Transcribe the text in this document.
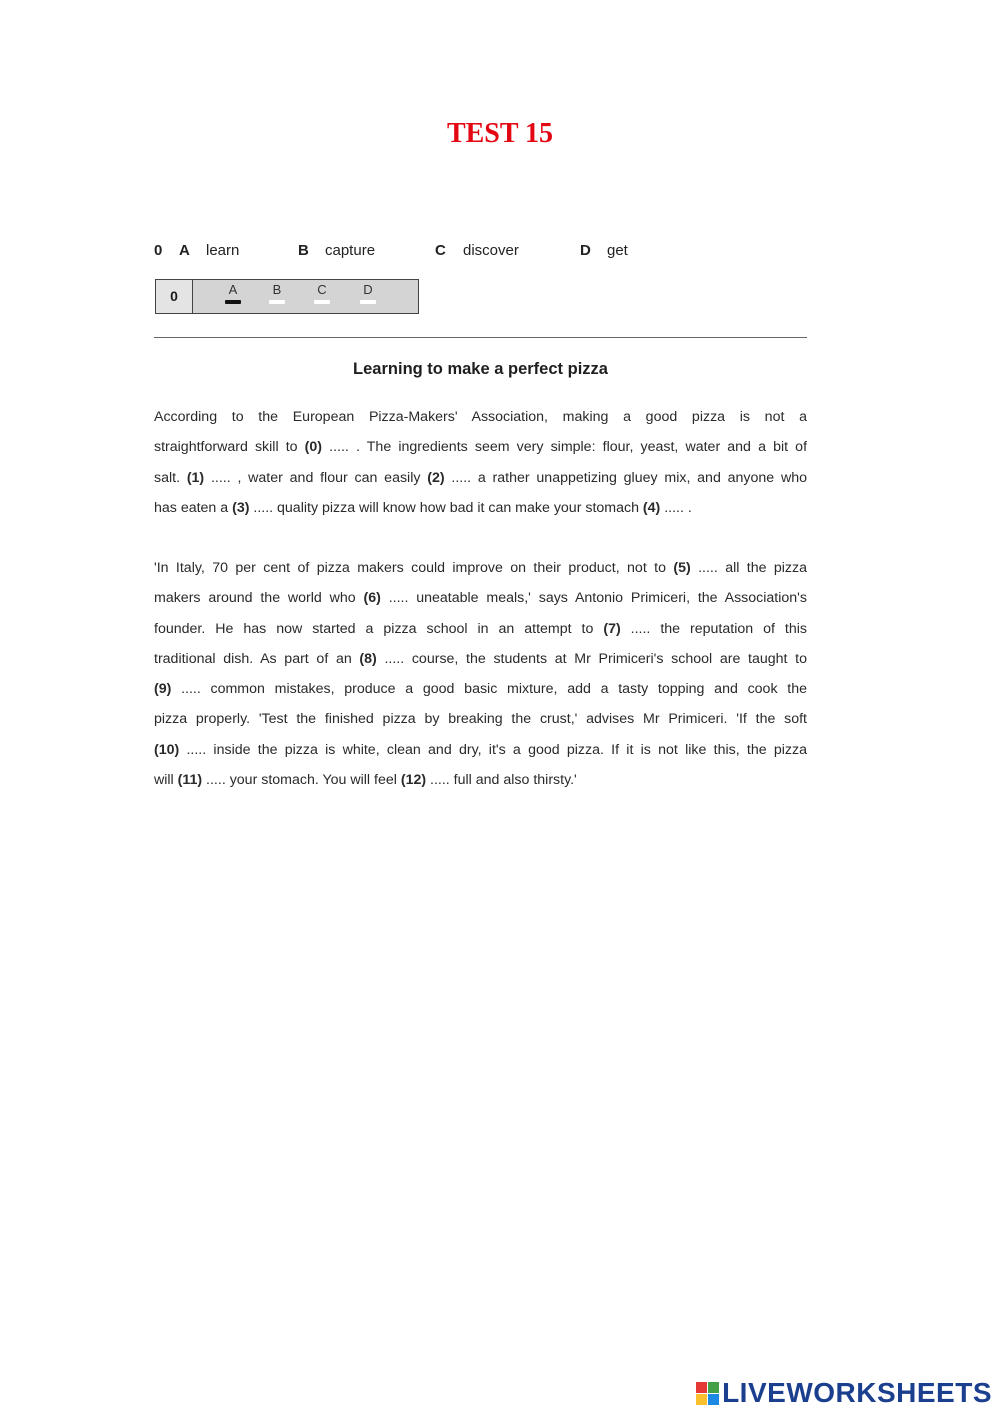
TEST 15
0 A learn	B capture	C discover	D get
0	A	B	C	D
Learning to make a perfect pizza
According to the European Pizza-Makers' Association, making a good pizza is not a
straightforward skill to (0) ..... . The ingredients seem very simple: flour, yeast, water and a bit of
salt. (1) ..... , water and flour can easily (2) ..... a rather unappetizing gluey mix, and anyone who
has eaten a (3) ..... quality pizza will know how bad it can make your stomach (4) ..... .
'In Italy, 70 per cent of pizza makers could improve on their product, not to (5) ..... all the pizza
makers around the world who (6) ..... uneatable meals,' says Antonio Primiceri, the Association's
founder. He has now started a pizza school in an attempt to (7) ..... the reputation of this
traditional dish. As part of an (8) ..... course, the students at Mr Primiceri's school are taught to
(9) ..... common mistakes, produce a good basic mixture, add a tasty topping and cook the
pizza properly. 'Test the finished pizza by breaking the crust,' advises Mr Primiceri. 'If the soft
(10) ..... inside the pizza is white, clean and dry, it's a good pizza. If it is not like this, the pizza
will (11) ..... your stomach. You will feel (12) ..... full and also thirsty.'
LIVEWORKSHEETS
